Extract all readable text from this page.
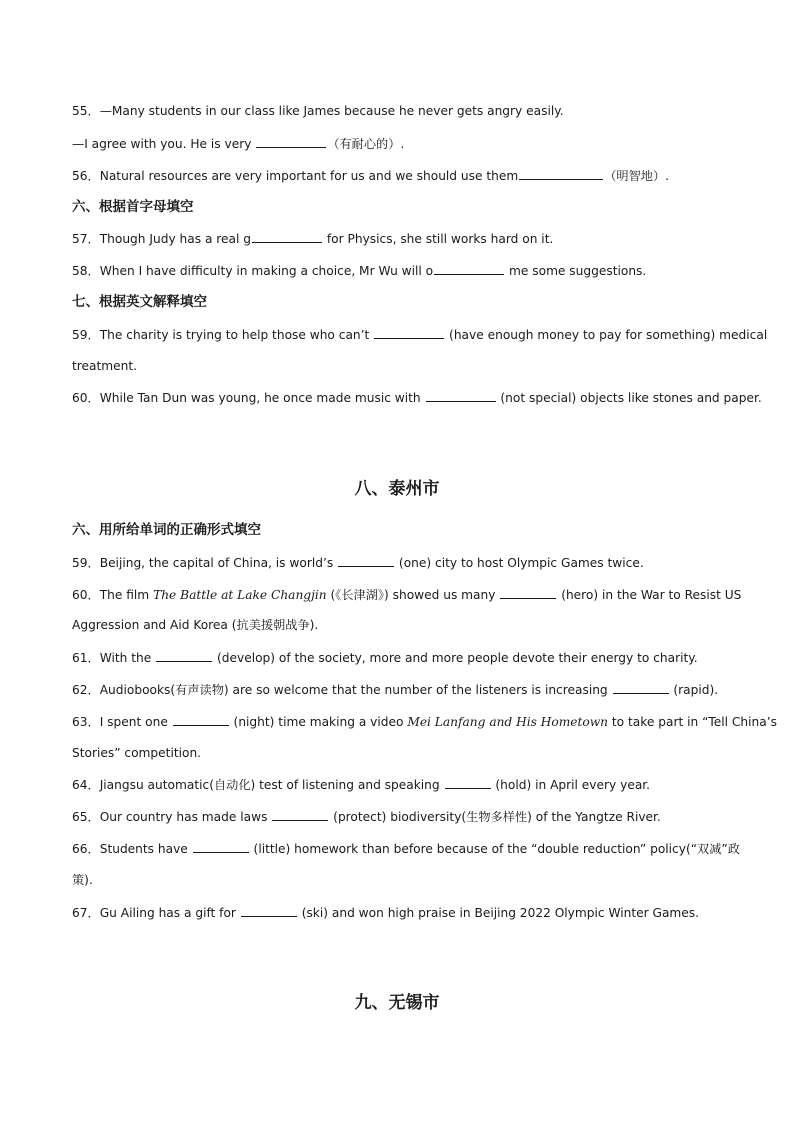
55．—Many students in our class like James because he never gets angry easily.
—I agree with you. He is very	（有耐心的）.
56．Natural resources are very important for us and we should use them	（明智地）.
六、根据首字母填空
57．Though Judy has a real g	for Physics, she still works hard on it.
58．When I have difficulty in making a choice, Mr Wu will o	me some suggestions.
七、根据英文解释填空
59．The charity is trying to help those who can’t	(have enough money to pay for something) medical
treatment.
60．While Tan Dun was young, he once made music with	(not special) objects like stones and paper.
八、泰州市
六、用所给单词的正确形式填空
59．Beijing, the capital of China, is world’s	(one) city to host Olympic Games twice.
60．The film The Battle at Lake Changjin (《长津湖》) showed us many	(hero) in the War to Resist US
Aggression and Aid Korea (抗美援朝战争).
61．With the	(develop) of the society, more and more people devote their energy to charity.
62．Audiobooks(有声读物) are so welcome that the number of the listeners is increasing	(rapid).
63．I spent one	(night) time making a video Mei Lanfang and His Hometown to take part in “Tell China’s
Stories” competition.
64．Jiangsu automatic(自动化) test of listening and speaking	(hold) in April every year.
65．Our country has made laws	(protect) biodiversity(生物多样性) of the Yangtze River.
66．Students have	(little) homework than before because of the “double reduction” policy(“双减”政
策).
67．Gu Ailing has a gift for	(ski) and won high praise in Beijing 2022 Olympic Winter Games.
九、无锡市
